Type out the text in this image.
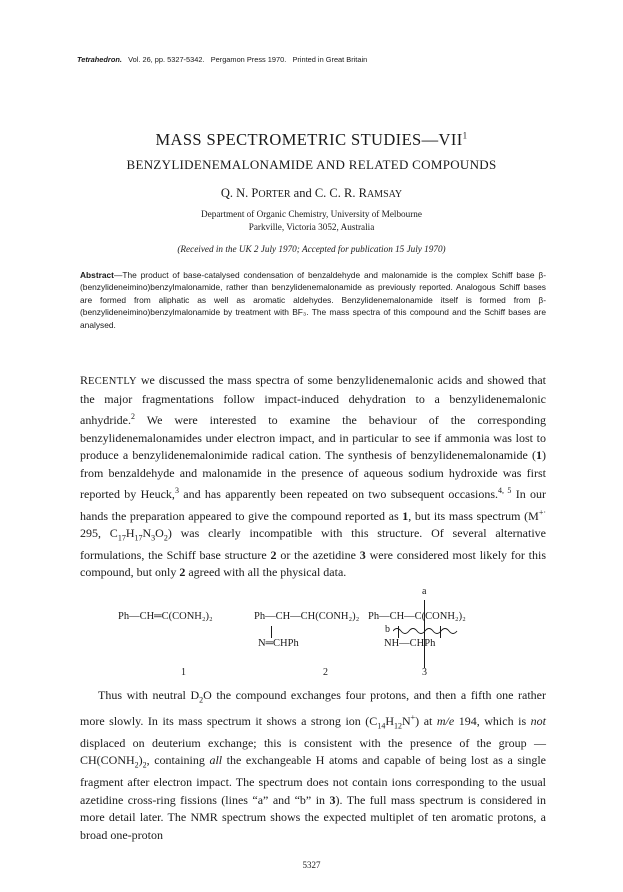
Tetrahedron. Vol. 26, pp. 5327-5342. Pergamon Press 1970. Printed in Great Britain
MASS SPECTROMETRIC STUDIES—VII$^1$
BENZYLIDENEMALONAMIDE AND RELATED COMPOUNDS
Q. N. PORTER and C. C. R. RAMSAY
Department of Organic Chemistry, University of Melbourne
Parkville, Victoria 3052, Australia
(Received in the UK 2 July 1970; Accepted for publication 15 July 1970)
Abstract—The product of base-catalysed condensation of benzaldehyde and malonamide is the complex Schiff base β-(benzylideneimino)benzylmalonamide, rather than benzylidenemalonamide as previously reported. Analogous Schiff bases are formed from aliphatic as well as aromatic aldehydes. Benzylidenemalonamide itself is formed from β-(benzylideneimino)benzylmalonamide by treatment with BF₃. The mass spectra of this compound and the Schiff bases are analysed.
RECENTLY we discussed the mass spectra of some benzylidenemalonic acids and showed that the major fragmentations follow impact-induced dehydration to a benzylidenemalonic anhydride.$^2$ We were interested to examine the behaviour of the corresponding benzylidenemalonamides under electron impact, and in particular to see if ammonia was lost to produce a benzylidenemalonimide radical cation. The synthesis of benzylidenemalonamide (1) from benzaldehyde and malonamide in the presence of aqueous sodium hydroxide was first reported by Heuck,$^3$ and has apparently been repeated on two subsequent occasions.$^{4, 5}$ In our hands the preparation appeared to give the compound reported as 1, but its mass spectrum (M+· 295, $C_{17}H_{17}N_3O_2$) was clearly incompatible with this structure. Of several alternative formulations, the Schiff base structure 2 or the azetidine 3 were considered most likely for this compound, but only 2 agreed with all the physical data.
Ph—CH═C(CONH₂)₂
1
Ph—CH—CH(CONH₂)₂
N═CHPh
2
a
Ph—CH—C(CONH₂)₂
b
NH—CHPh
3
Thus with neutral $D_2O$ the compound exchanges four protons, and then a fifth one rather more slowly. In its mass spectrum it shows a strong ion $(C_{14}H_{12}N^+)$ at m/e 194, which is not displaced on deuterium exchange; this is consistent with the presence of the group $—CH(CONH_2)_2$, containing all the exchangeable H atoms and capable of being lost as a single fragment after electron impact. The spectrum does not contain ions corresponding to the usual azetidine cross-ring fissions (lines “a” and “b” in 3). The full mass spectrum is considered in more detail later. The NMR spectrum shows the expected multiplet of ten aromatic protons, a broad one-proton
5327
